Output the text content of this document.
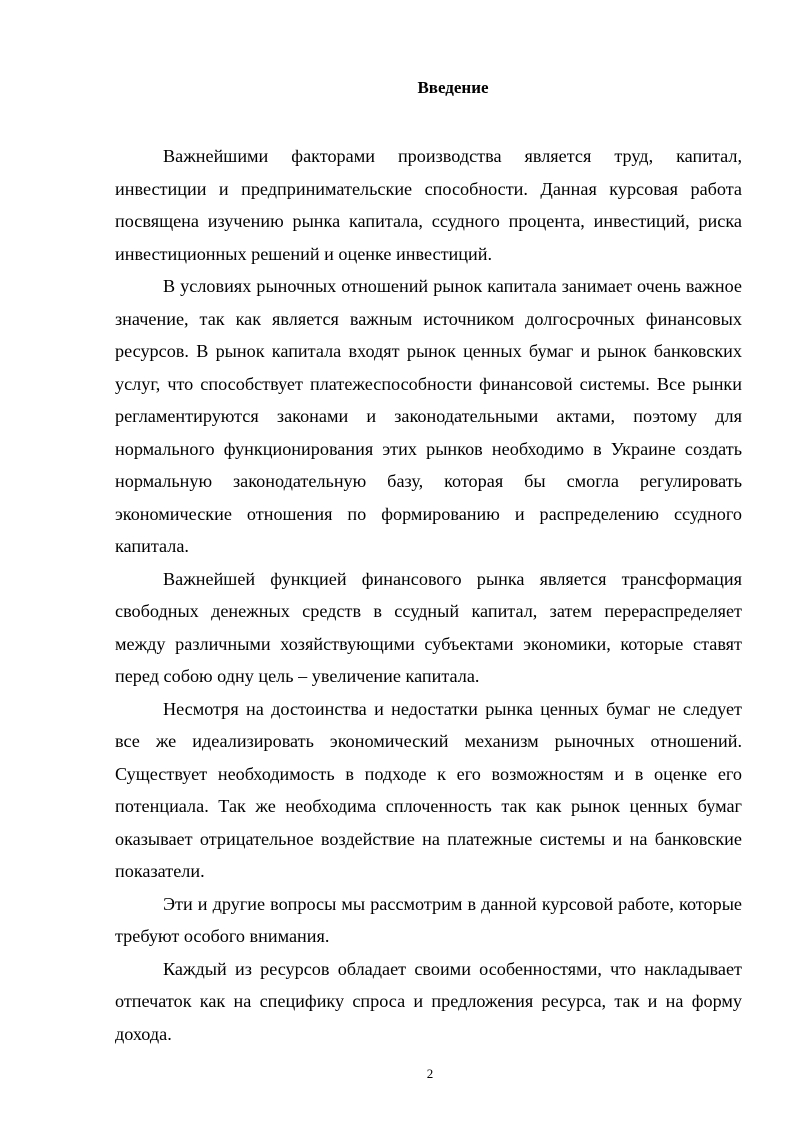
Введение

Важнейшими факторами производства является труд, капитал, инвестиции и предпринимательские способности. Данная курсовая работа посвящена изучению рынка капитала, ссудного процента, инвестиций, риска инвестиционных решений и оценке инвестиций.

В условиях рыночных отношений рынок капитала занимает очень важное значение, так как является важным источником долгосрочных финансовых ресурсов. В рынок капитала входят рынок ценных бумаг и рынок банковских услуг, что способствует платежеспособности финансовой системы. Все рынки регламентируются законами и законодательными актами, поэтому для нормального функционирования этих рынков необходимо в Украине создать нормальную законодательную базу, которая бы смогла регулировать экономические отношения по формированию и распределению ссудного капитала.

Важнейшей функцией финансового рынка является трансформация свободных денежных средств в ссудный капитал, затем перераспределяет между различными хозяйствующими субъектами экономики, которые ставят перед собою одну цель – увеличение капитала.

Несмотря на достоинства и недостатки рынка ценных бумаг не следует все же идеализировать экономический механизм рыночных отношений. Существует необходимость в подходе к его возможностям и в оценке его потенциала. Так же необходима сплоченность так как рынок ценных бумаг оказывает отрицательное воздействие на платежные системы и на банковские показатели.

Эти и другие вопросы мы рассмотрим в данной курсовой работе, которые требуют особого внимания.

Каждый из ресурсов обладает своими особенностями, что накладывает отпечаток как на специфику спроса и предложения ресурса, так и на форму дохода.

2
